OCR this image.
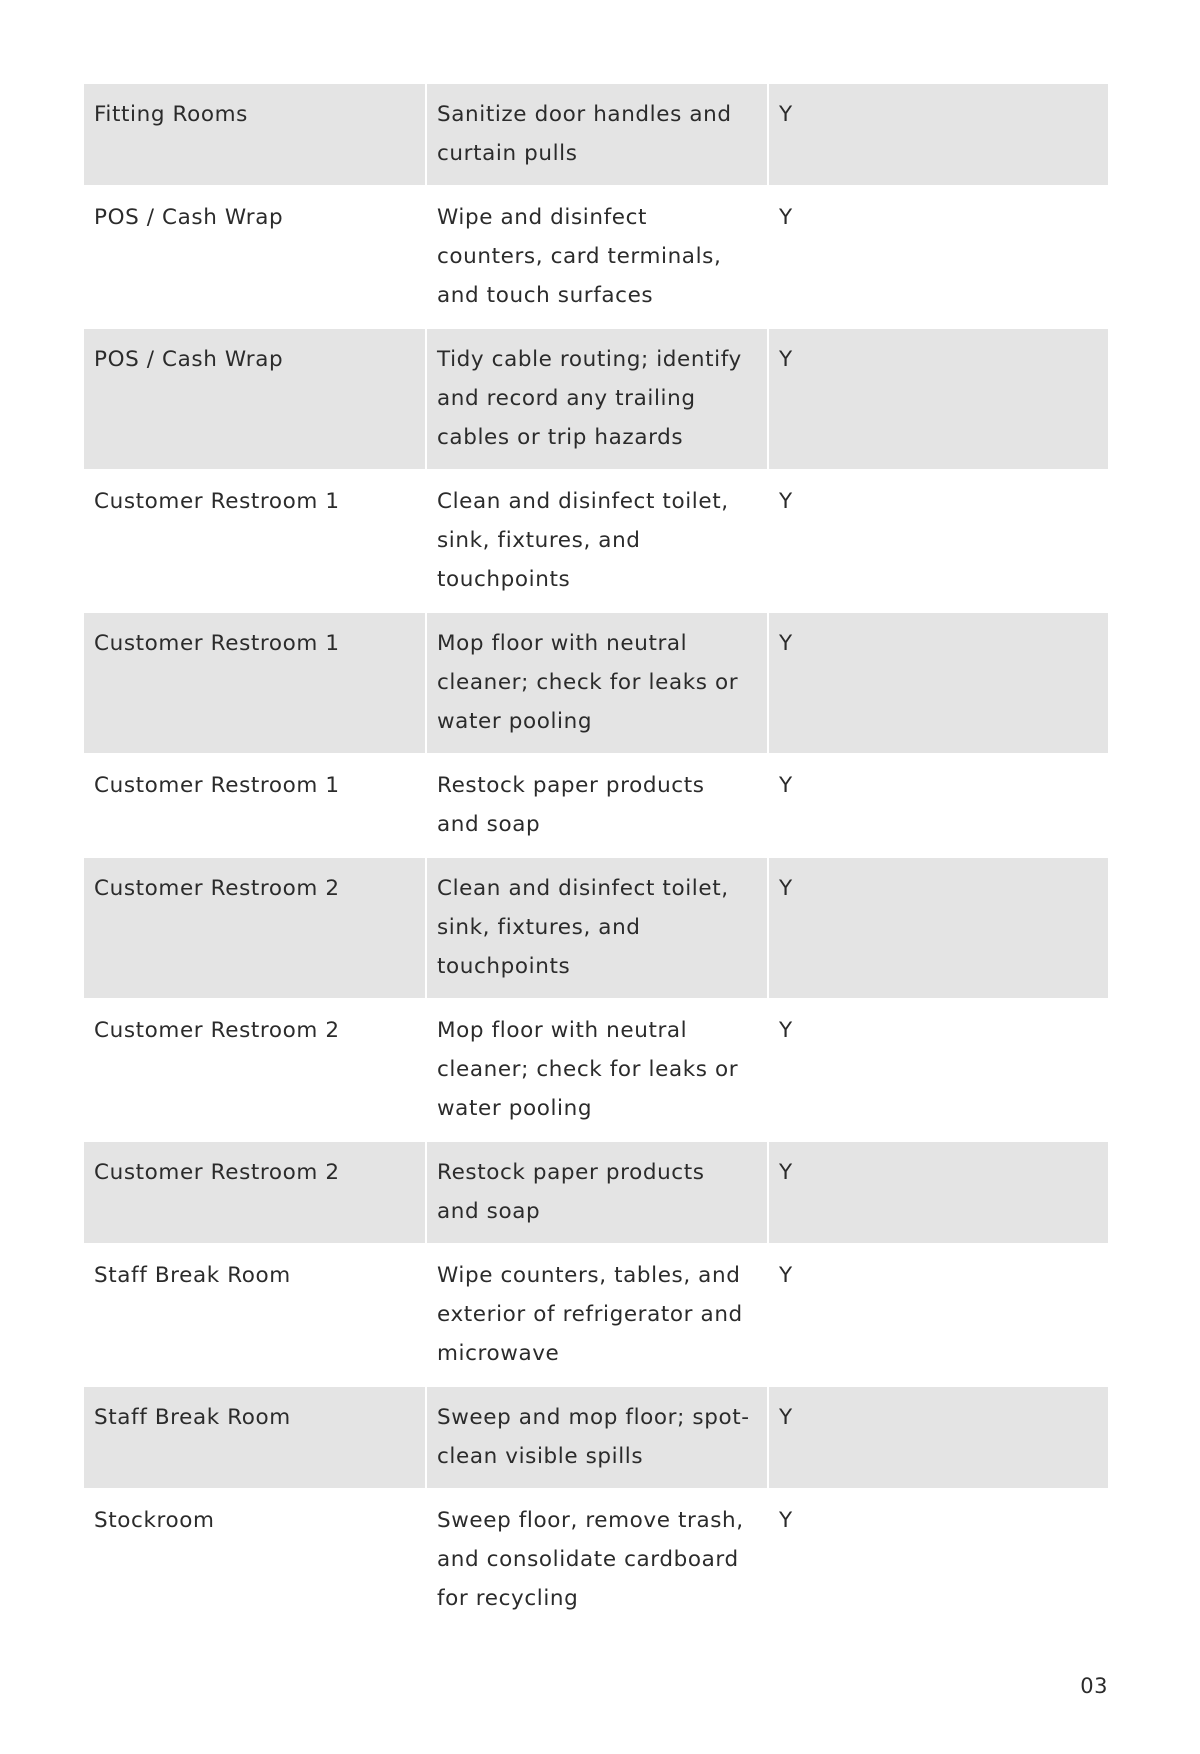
Fitting Rooms	Sanitize door handles and curtain pulls	Y
POS / Cash Wrap	Wipe and disinfect counters, card terminals, and touch surfaces	Y
POS / Cash Wrap	Tidy cable routing; identify and record any trailing cables or trip hazards	Y
Customer Restroom 1	Clean and disinfect toilet, sink, fixtures, and touchpoints	Y
Customer Restroom 1	Mop floor with neutral cleaner; check for leaks or water pooling	Y
Customer Restroom 1	Restock paper products and soap	Y
Customer Restroom 2	Clean and disinfect toilet, sink, fixtures, and touchpoints	Y
Customer Restroom 2	Mop floor with neutral cleaner; check for leaks or water pooling	Y
Customer Restroom 2	Restock paper products and soap	Y
Staff Break Room	Wipe counters, tables, and exterior of refrigerator and microwave	Y
Staff Break Room	Sweep and mop floor; spot-clean visible spills	Y
Stockroom	Sweep floor, remove trash, and consolidate cardboard for recycling	Y
03
